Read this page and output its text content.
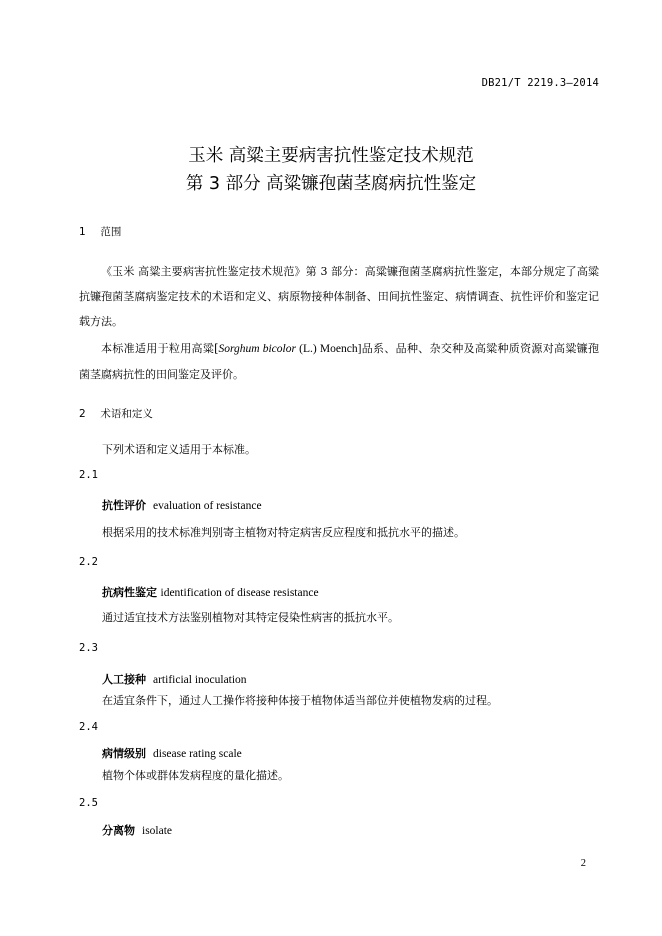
DB21/T 2219.3—2014
玉米 高粱主要病害抗性鉴定技术规范
第 3 部分 高粱镰孢菌茎腐病抗性鉴定
1 范围
《玉米 高粱主要病害抗性鉴定技术规范》第 3 部分：高粱镰孢菌茎腐病抗性鉴定，本部分规定了高粱抗镰孢菌茎腐病鉴定技术的术语和定义、病原物接种体制备、田间抗性鉴定、病情调查、抗性评价和鉴定记载方法。
本标准适用于粒用高粱[Sorghum bicolor (L.) Moench]品系、品种、杂交种及高粱种质资源对高粱镰孢菌茎腐病抗性的田间鉴定及评价。
2 术语和定义
下列术语和定义适用于本标准。
2.1
抗性评价 evaluation of resistance
根据采用的技术标准判别寄主植物对特定病害反应程度和抵抗水平的描述。
2.2
抗病性鉴定 identification of disease resistance
通过适宜技术方法鉴别植物对其特定侵染性病害的抵抗水平。
2.3
人工接种 artificial inoculation
在适宜条件下，通过人工操作将接种体接于植物体适当部位并使植物发病的过程。
2.4
病情级别 disease rating scale
植物个体或群体发病程度的量化描述。
2.5
分离物 isolate
2
